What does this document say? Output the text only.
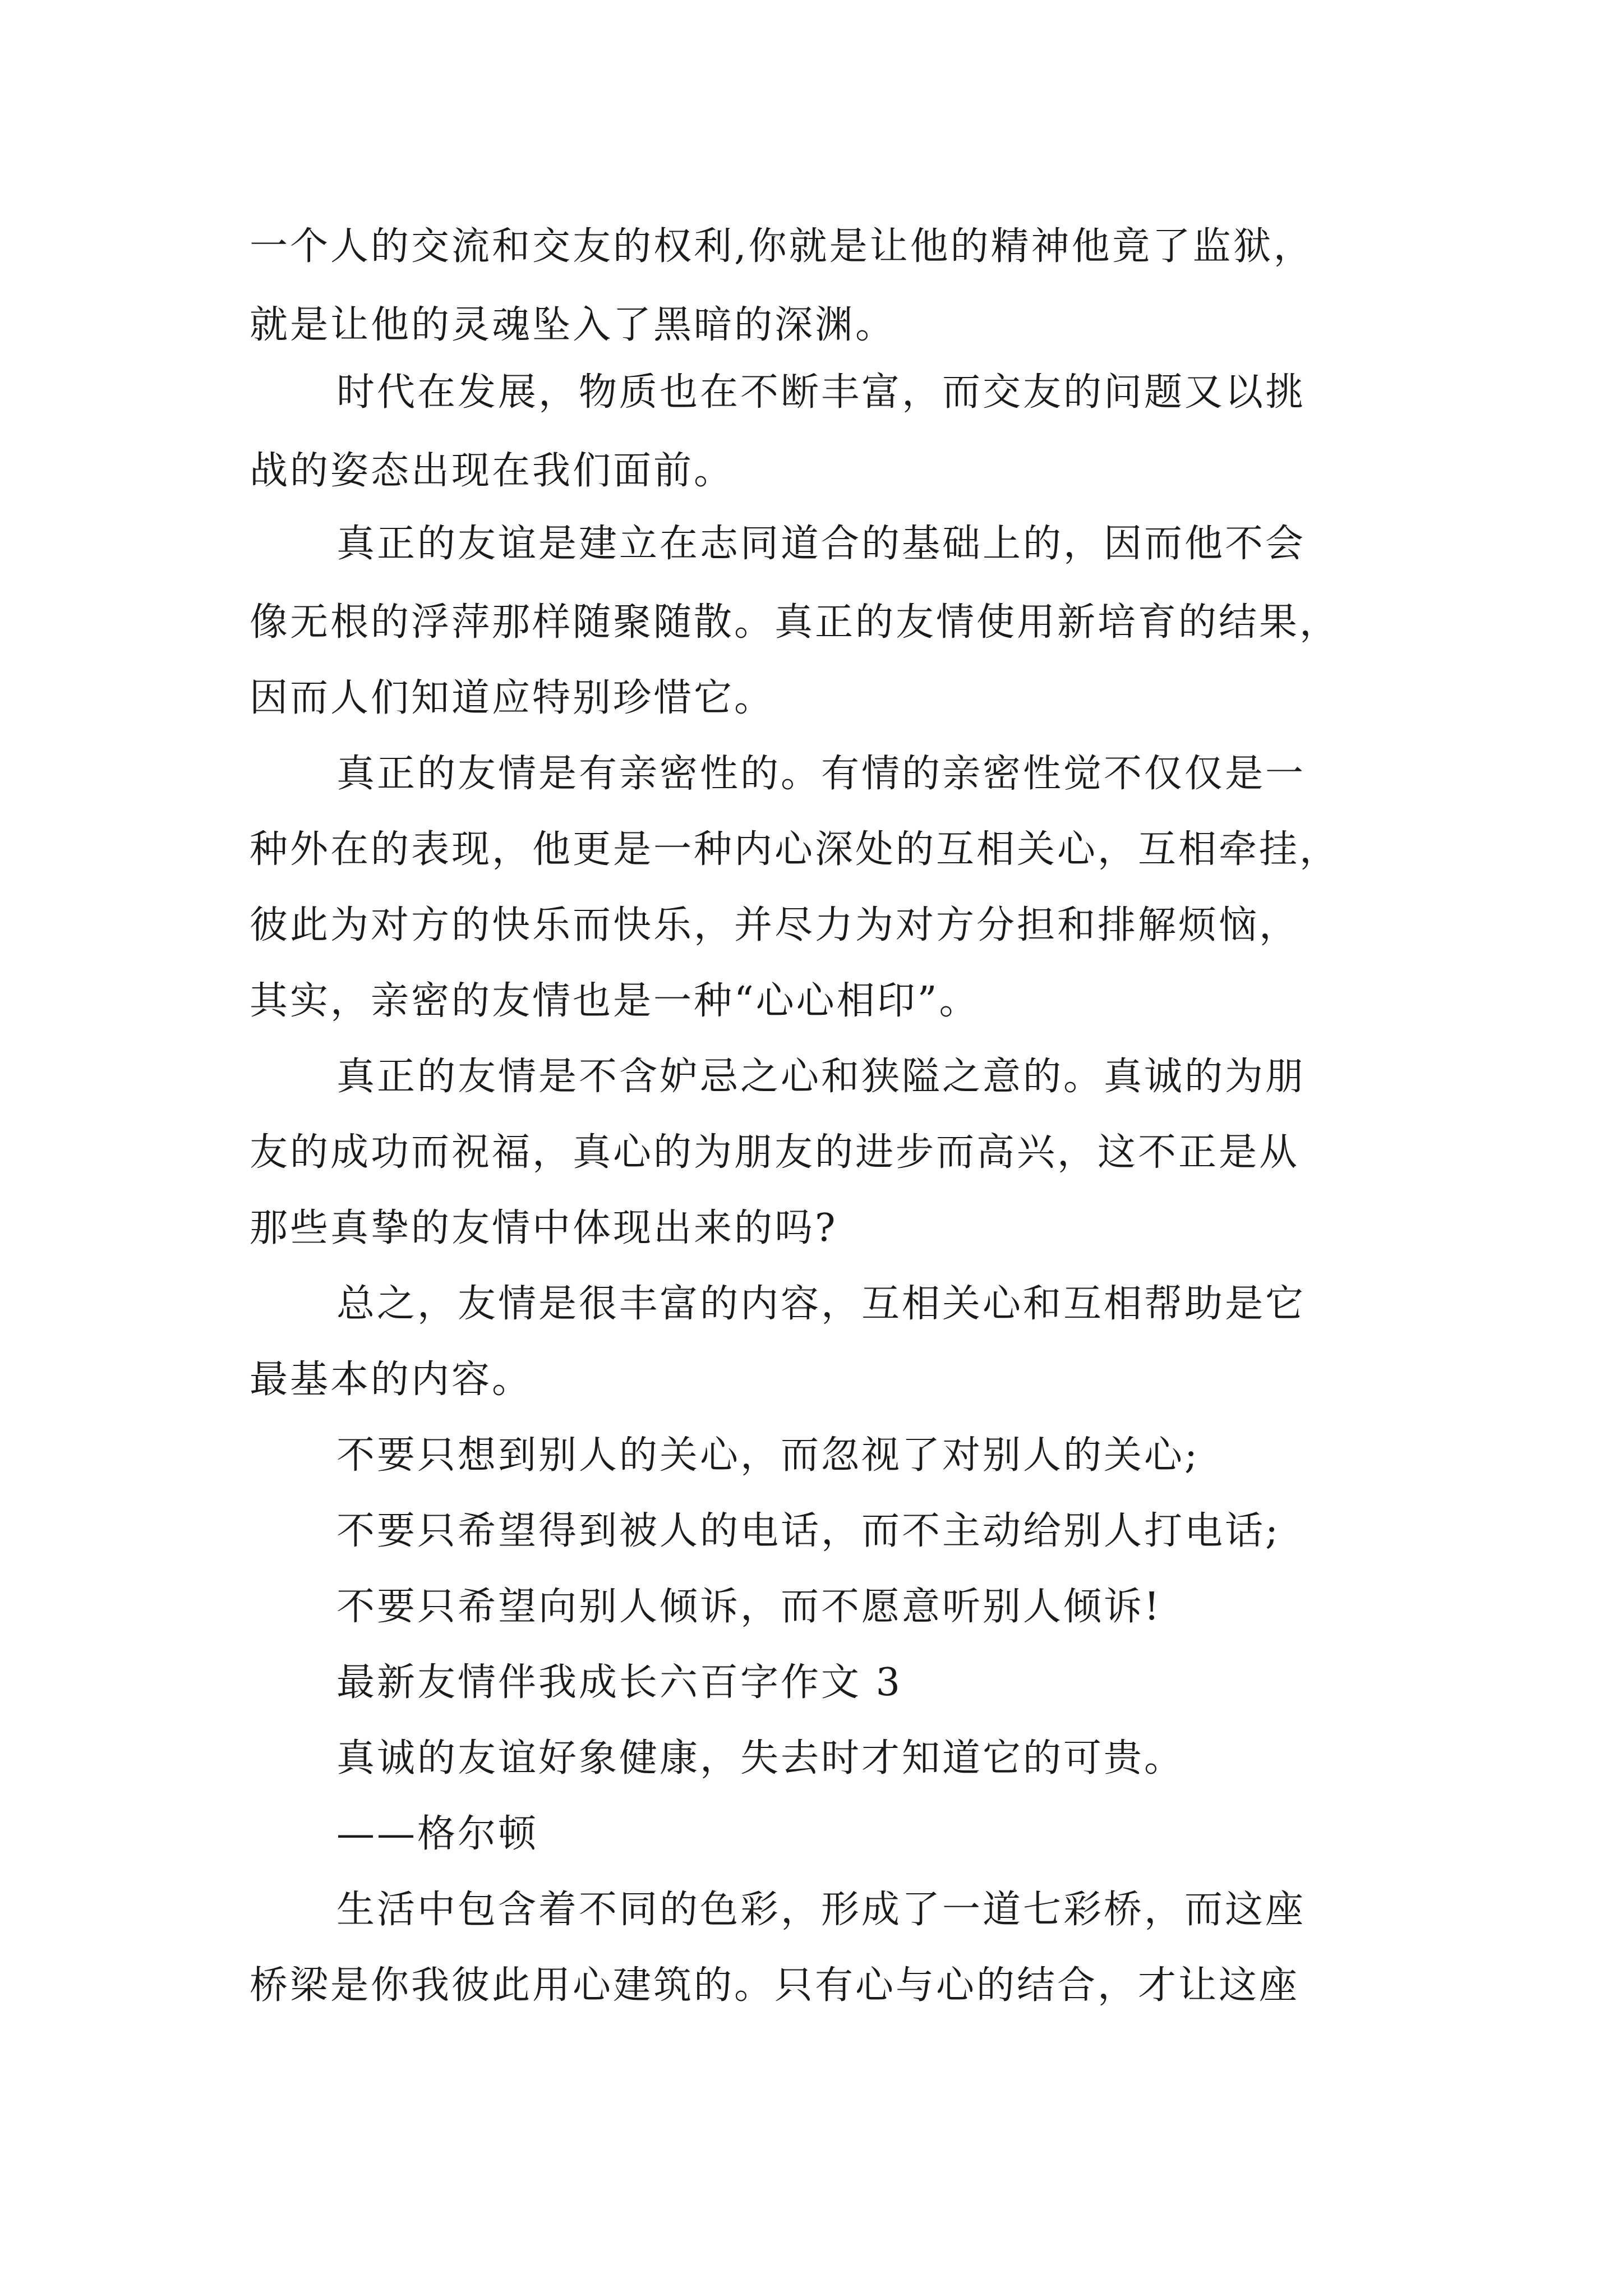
一个人的交流和交友的权利,你就是让他的精神他竟了监狱，
就是让他的灵魂坠入了黑暗的深渊。
时代在发展，物质也在不断丰富，而交友的问题又以挑
战的姿态出现在我们面前。
真正的友谊是建立在志同道合的基础上的，因而他不会
像无根的浮萍那样随聚随散。真正的友情使用新培育的结果，
因而人们知道应特别珍惜它。
真正的友情是有亲密性的。有情的亲密性觉不仅仅是一
种外在的表现，他更是一种内心深处的互相关心，互相牵挂，
彼此为对方的快乐而快乐，并尽力为对方分担和排解烦恼，
其实，亲密的友情也是一种“心心相印”。
真正的友情是不含妒忌之心和狭隘之意的。真诚的为朋
友的成功而祝福，真心的为朋友的进步而高兴，这不正是从
那些真挚的友情中体现出来的吗?
总之，友情是很丰富的内容，互相关心和互相帮助是它
最基本的内容。
不要只想到别人的关心，而忽视了对别人的关心;
不要只希望得到被人的电话，而不主动给别人打电话;
不要只希望向别人倾诉，而不愿意听别人倾诉!
最新友情伴我成长六百字作文 3
真诚的友谊好象健康，失去时才知道它的可贵。
——格尔顿
生活中包含着不同的色彩，形成了一道七彩桥，而这座
桥梁是你我彼此用心建筑的。只有心与心的结合，才让这座
